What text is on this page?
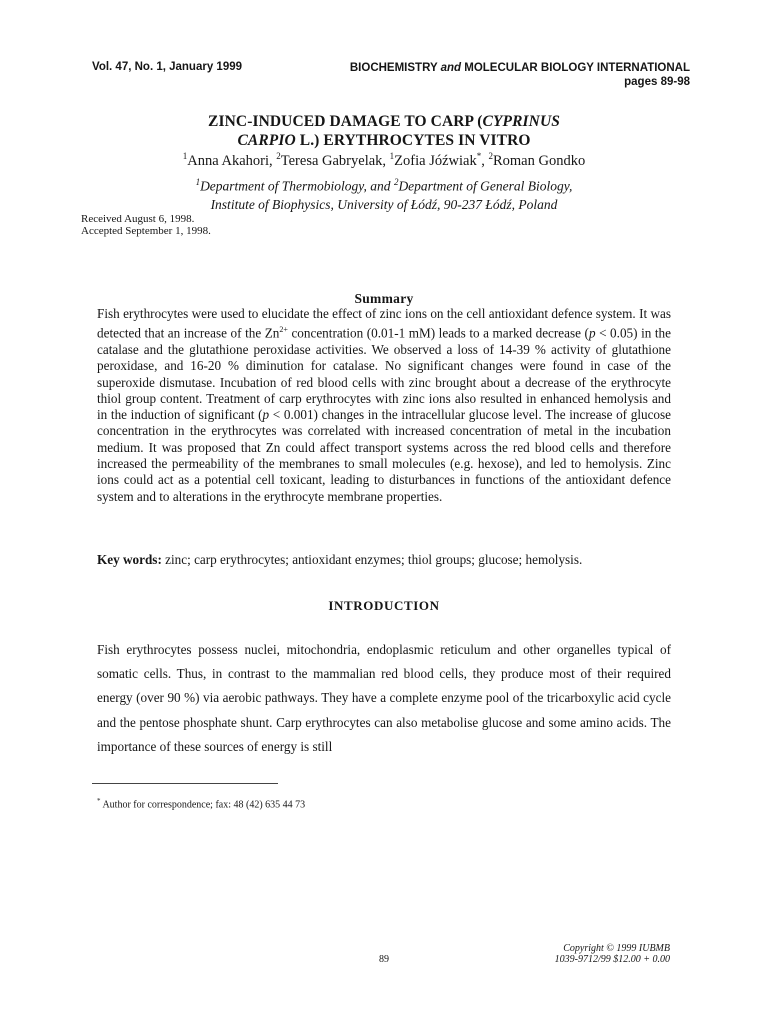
Vol. 47, No. 1, January 1999	BIOCHEMISTRY and MOLECULAR BIOLOGY INTERNATIONAL
pages 89-98
ZINC-INDUCED DAMAGE TO CARP (CYPRINUS
CARPIO L.) ERYTHROCYTES IN VITRO
$^1$Anna Akahori, $^2$Teresa Gabryelak, $^1$Zofia Jóźwiak*, $^2$Roman Gondko
$^1$Department of Thermobiology, and $^2$Department of General Biology,
Institute of Biophysics, University of Łódź, 90-237 Łódź, Poland
Received August 6, 1998.
Accepted September 1, 1998.
Summary
Fish erythrocytes were used to elucidate the effect of zinc ions on the cell antioxidant defence system. It was detected that an increase of the $Zn^{2+}$ concentration (0.01-1 mM) leads to a marked decrease (p < 0.05) in the catalase and the glutathione peroxidase activities. We observed a loss of 14-39 % activity of glutathione peroxidase, and 16-20 % diminution for catalase. No significant changes were found in case of the superoxide dismutase. Incubation of red blood cells with zinc brought about a decrease of the erythrocyte thiol group content. Treatment of carp erythrocytes with zinc ions also resulted in enhanced hemolysis and in the induction of significant (p < 0.001) changes in the intracellular glucose level. The increase of glucose concentration in the erythrocytes was correlated with increased concentration of metal in the incubation medium. It was proposed that Zn could affect transport systems across the red blood cells and therefore increased the permeability of the membranes to small molecules (e.g. hexose), and led to hemolysis. Zinc ions could act as a potential cell toxicant, leading to disturbances in functions of the antioxidant defence system and to alterations in the erythrocyte membrane properties.
Key words: zinc; carp erythrocytes; antioxidant enzymes; thiol groups; glucose; hemolysis.
INTRODUCTION
Fish erythrocytes possess nuclei, mitochondria, endoplasmic reticulum and other organelles typical of somatic cells. Thus, in contrast to the mammalian red blood cells, they produce most of their required energy (over 90 %) via aerobic pathways. They have a complete enzyme pool of the tricarboxylic acid cycle and the pentose phosphate shunt. Carp erythrocytes can also metabolise glucose and some amino acids. The importance of these sources of energy is still
* Author for correspondence; fax: 48 (42) 635 44 73
89
Copyright © 1999 IUBMB
1039-9712/99 $12.00 + 0.00
